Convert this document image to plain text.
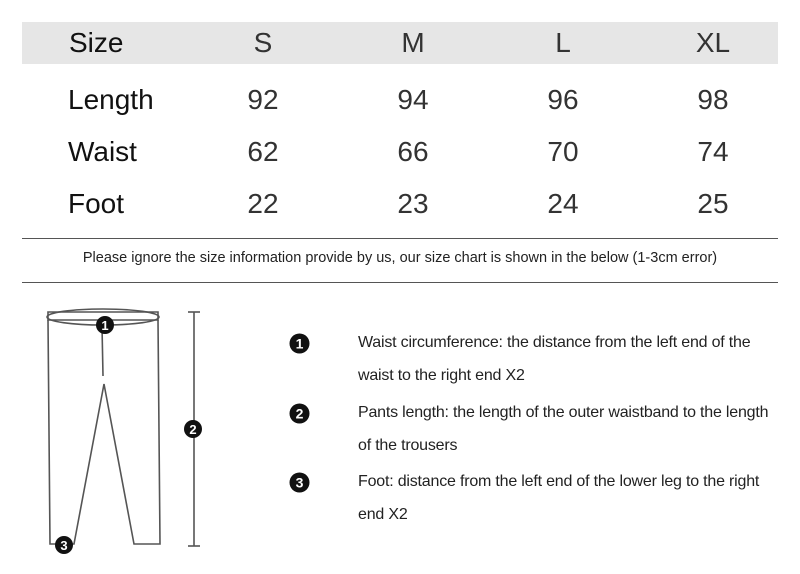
Size	S	M	L	XL
Length	92	94	96	98
Waist	62	66	70	74
Foot	22	23	24	25
Please ignore the size information provide by us, our size chart is shown in the below (1-3cm error)
1
2
3
1	Waist circumference: the distance from the left end of the waist to the right end X2
2	Pants length: the length of the outer waistband to the length of the trousers
3	Foot: distance from the left end of the lower leg to the right end X2
